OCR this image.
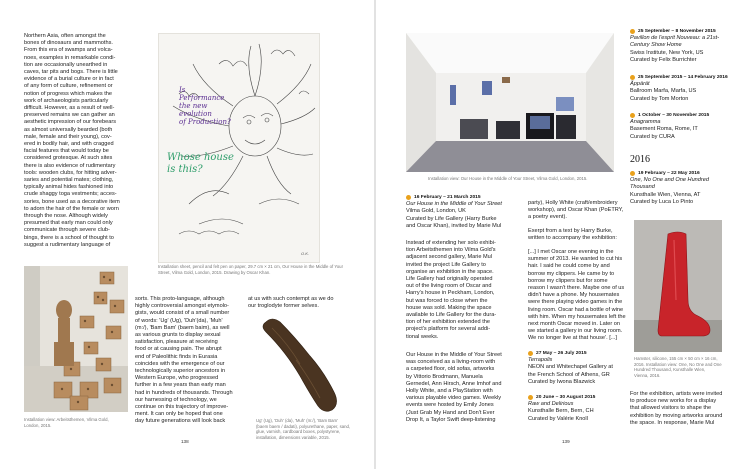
Northern Asia, often amongst the
bones of dinosaurs and mammoths.
From this era of swamps and volca-
noes, examples in remarkable condi-
tion are occasionally unearthed in
caves, tar pits and bogs. There is little
evidence of a burial culture or in fact
of any form of culture, refinement or
notion of progress which makes the
work of archaeologists particularly
difficult. However, as a result of well-
preserved remains we can gather an
aesthetic impression of our forebears
as almost universally bearded (both
male, female and their young), cov-
ered in bodily hair, and with cragged
facial features that would today be
considered grotesque. At such sites
there is also evidence of rudimentary
tools: wooden clubs, for hitting adver-
saries and potential mates; clothing,
typically animal hides fashioned into
crude shaggy toga vestments; acces-
sories, bone used as a decorative item
to adorn the hair of the female or worn
through the nose. Although widely
presumed that early man could only
communicate through severe club-
bings, there is a school of thought to
suggest a rudimentary language of
Is
Performance
the new
evolution
of Production?
Whose house
is this?
O.K.
Installation sheet, pencil and felt pen on paper, 29.7 cm × 21 cm, Our House in the Middle of Your Street, Vilma Gold, London, 2015. Drawing by Oscar Khan.
Installation view: Arbeitsthemen, Vilma Gold,
London, 2015.
sorts. This proto-language, although
highly controversial amongst etymolo-
gists, would consist of a small number
of words: 'Ug' (Ug), 'Duh'(da), 'Muh'
(m:/), 'Bam Bam' (baem baim), as well
as various grunts to display sexual
satisfaction, pleasure at receiving
food or at causing pain. The abrupt
end of Paleolithic finds in Eurasia
coincides with the emergence of our
technologically superior ancestors in
Western Europe, who progressed
further in a few years than early man
had in hundreds of thousands. Through
our harnessing of technology, we
continue on this trajectory of improve-
ment. It can only be hoped that one
day future generations will look back
at us with such contempt as we do
our troglodyte former selves.
Ug' (Ug), 'Duh' (da), 'Muh' (m:/), 'Bam Bam'
(baem baem / dadati), polyurethane, paper, sand,
glue, varnish, cardboard boxes, polystyrene,
installation, dimensions variable, 2015.
138
Installation view: Our House in the Middle of Your Street, Vilma Gold, London, 2015.
16 February – 21 March 2015
Our House in the Middle of Your Street
Vilma Gold, London, UK
Curated by Life Gallery (Harry Burke
and Oscar Khan), invited by Marie Mul
Instead of extending her solo exhibi-
tion Arbeitsthemen into Vilma Gold's
adjacent second gallery, Marie Mul
invited the project Life Gallery to
organise an exhibition in the space.
Life Gallery had originally operated
out of the living room of Oscar and
Harry's house in Peckham, London,
but was forced to close when the
house was sold. Making the space
available to Life Gallery for the dura-
tion of her exhibition extended the
project's platform for several addi-
tional weeks.
Our House in the Middle of Your Street
was conceived as a living-room with
a carpeted floor, old sofas, artworks
by Vittorio Brodmann, Manuela
Gernedel, Ann Hirsch, Anne Imhof and
Holly White, and a PlayStation with
various playable video games. Weekly
events were hosted by Emily Jones
(Just Grab My Hand and Don't Ever
Drop It, a Taylor Swift deep-listening
party), Holly White (craft/embroidery
workshop), and Oscar Khan (PoETRY,
a poetry event).
Exerpt from a text by Harry Burke,
written to accompany the exhibition:
[...] I met Oscar one evening in the
summer of 2013. He wanted to cut his
hair. I said he could come by and
borrow my clippers. He came by to
borrow my clippers but for some
reason I wasn't there. Maybe one of us
didn't have a phone. My housemates
were there playing video games in the
living room. Oscar had a bottle of wine
with him. When my housemates left the
next month Oscar moved in. Later on
we started a gallery in our living room.
We no longer live at that house'. [...]
27 May – 26 July 2015
Terrapolis
NEON and Whitechapel Gallery at
the French School of Athens, GR
Curated by Iwona Blazwick
20 June – 30 August 2015
Raw and Delirious
Kunsthalle Bern, Bern, CH
Curated by Valérie Knoll
25 September – 8 November 2015
Pavillon de l'esprit Nouveau: a 21st-
Century Show Home
Swiss Institute, New York, US
Curated by Felix Burrichter
25 September 2015 – 14 February 2016
Äppärät
Ballroom Marfa, Marfa, US
Curated by Tom Morton
1 October – 30 November 2015
Anagramma
Basement Roma, Rome, IT
Curated by CURA
2016
19 February – 22 May 2016
One, No One and One Hundred
Thousand
Kunsthalle Wien, Vienna, AT
Curated by Luca Lo Pinto
Hamster, silicone, 155 cm × 50 cm × 16 cm,
2016. Installation view: One, No One and One
Hundred Thousand, Kunsthalle Wien,
Vienna, 2016.
For the exhibition, artists were invited
to produce new works for a display
that allowed visitors to shape the
exhibition by moving artworks around
the space. In response, Marie Mul
139
